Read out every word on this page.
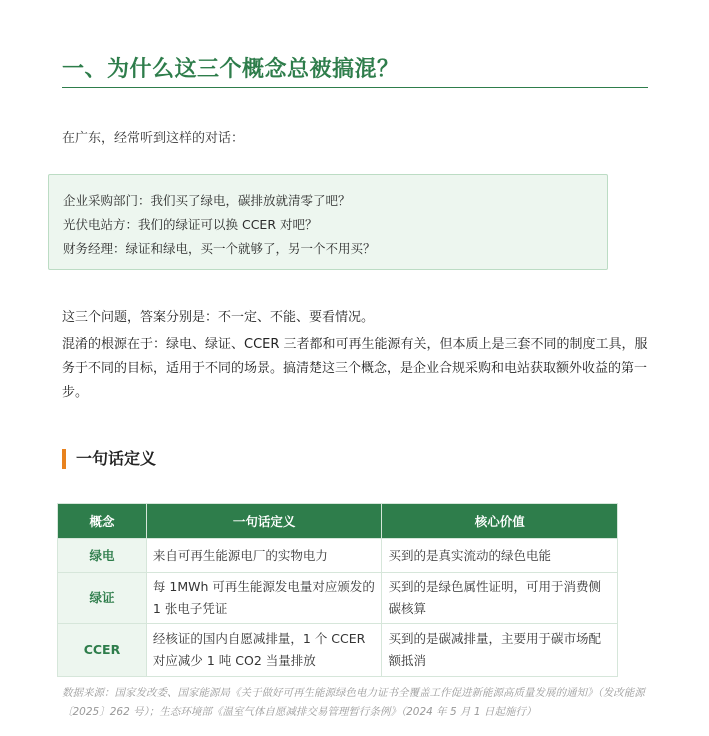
一、为什么这三个概念总被搞混？
在广东，经常听到这样的对话：
企业采购部门：我们买了绿电，碳排放就清零了吧？
光伏电站方：我们的绿证可以换 CCER 对吧？
财务经理：绿证和绿电，买一个就够了，另一个不用买？
这三个问题，答案分别是：不一定、不能、要看情况。
混淆的根源在于：绿电、绿证、CCER 三者都和可再生能源有关，但本质上是三套不同的制度工具，服务于不同的目标，适用于不同的场景。搞清楚这三个概念，是企业合规采购和电站获取额外收益的第一步。
一句话定义
概念	一句话定义	核心价值
绿电	来自可再生能源电厂的实物电力	买到的是真实流动的绿色电能
绿证	每 1MWh 可再生能源发电量对应颁发的 1 张电子凭证	买到的是绿色属性证明，可用于消费侧碳核算
CCER	经核证的国内自愿减排量，1 个 CCER 对应减少 1 吨 CO2 当量排放	买到的是碳减排量，主要用于碳市场配额抵消
数据来源：国家发改委、国家能源局《关于做好可再生能源绿色电力证书全覆盖工作促进新能源高质量发展的通知》（发改能源〔2025〕262 号）；生态环境部《温室气体自愿减排交易管理暂行条例》（2024 年 5 月 1 日起施行）
